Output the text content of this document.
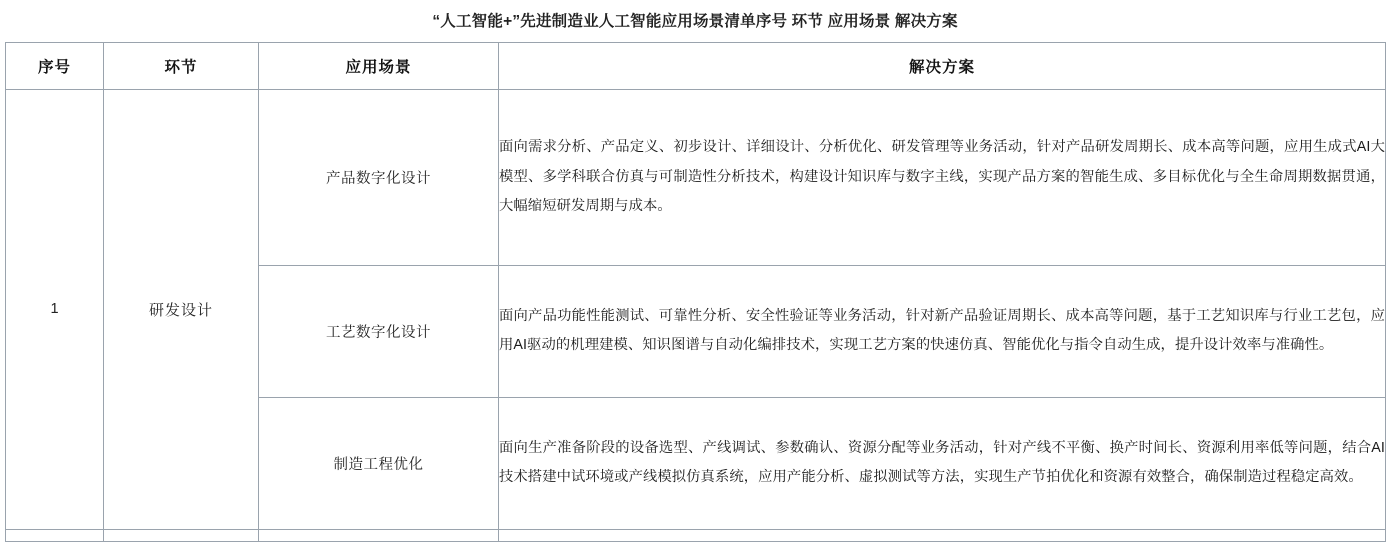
“人工智能+”先进制造业人工智能应用场景清单序号 环节 应用场景 解决方案
序号	环节	应用场景	解决方案
1	研发设计	产品数字化设计	面向需求分析、产品定义、初步设计、详细设计、分析优化、研发管理等业务活动，针对产品研发周期长、成本高等问题，应用生成式AI大模型、多学科联合仿真与可制造性分析技术，构建设计知识库与数字主线，实现产品方案的智能生成、多目标优化与全生命周期数据贯通，大幅缩短研发周期与成本。
		工艺数字化设计	面向产品功能性能测试、可靠性分析、安全性验证等业务活动，针对新产品验证周期长、成本高等问题，基于工艺知识库与行业工艺包，应用AI驱动的机理建模、知识图谱与自动化编排技术，实现工艺方案的快速仿真、智能优化与指令自动生成，提升设计效率与准确性。
		制造工程优化	面向生产准备阶段的设备选型、产线调试、参数确认、资源分配等业务活动，针对产线不平衡、换产时间长、资源利用率低等问题，结合AI技术搭建中试环境或产线模拟仿真系统，应用产能分析、虚拟测试等方法，实现生产节拍优化和资源有效整合，确保制造过程稳定高效。
